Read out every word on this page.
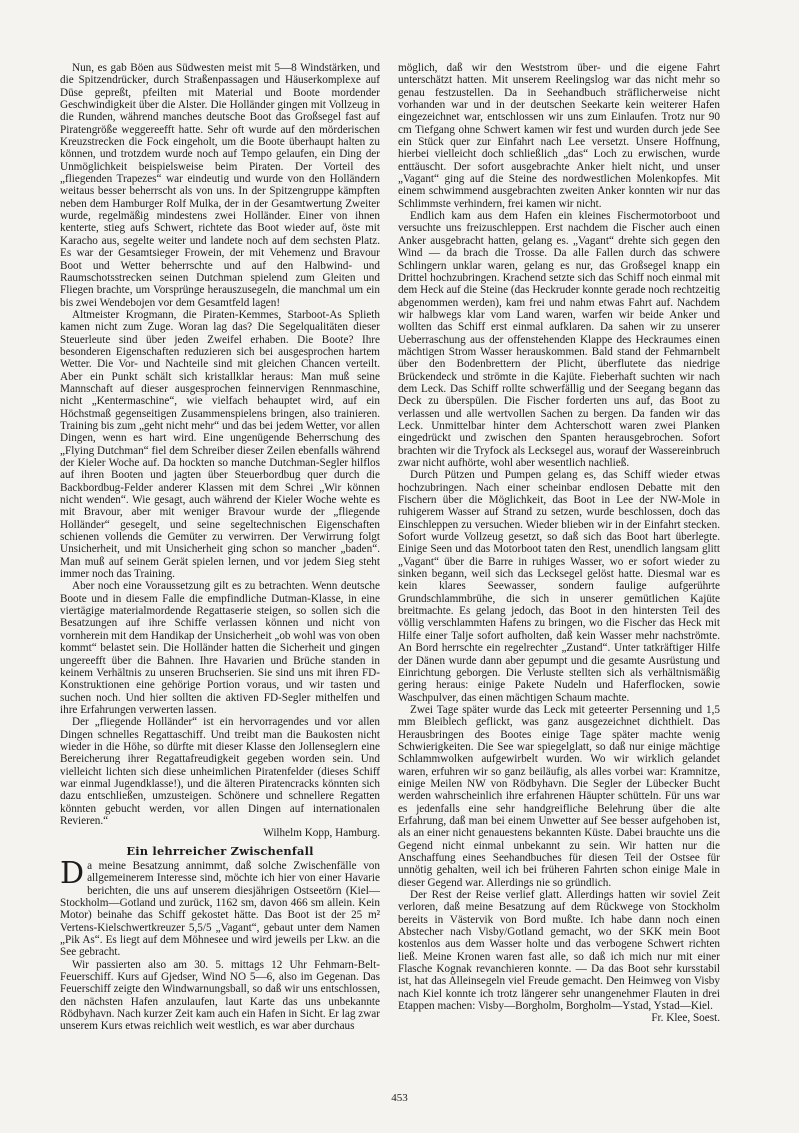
Nun, es gab Böen aus Südwesten meist mit 5—8 Windstärken, und die Spitzendrücker, durch Straßenpassagen und Häuserkomplexe auf Düse gepreßt, pfeilten mit Material und Boote mordender Geschwindigkeit über die Alster. Die Holländer gingen mit Vollzeug in die Runden, während manches deutsche Boot das Großsegel fast auf Piratengröße weggereefft hatte. Sehr oft wurde auf den mörderischen Kreuzstrecken die Fock eingeholt, um die Boote überhaupt halten zu können, und trotzdem wurde noch auf Tempo gelaufen, ein Ding der Unmöglichkeit beispielsweise beim Piraten. Der Vorteil des „fliegenden Trapezes“ war eindeutig und wurde von den Holländern weitaus besser beherrscht als von uns. In der Spitzengruppe kämpften neben dem Hamburger Rolf Mulka, der in der Gesamtwertung Zweiter wurde, regelmäßig mindestens zwei Holländer. Einer von ihnen kenterte, stieg aufs Schwert, richtete das Boot wieder auf, öste mit Karacho aus, segelte weiter und landete noch auf dem sechsten Platz. Es war der Gesamtsieger Frowein, der mit Vehemenz und Bravour Boot und Wetter beherrschte und auf den Halbwind- und Raumschotsstrecken seinen Dutchman spielend zum Gleiten und Fliegen brachte, um Vorsprünge herauszusegeln, die manchmal um ein bis zwei Wendebojen vor dem Gesamtfeld lagen!

Altmeister Krogmann, die Piraten-Kemmes, Starboot-As Splieth kamen nicht zum Zuge. Woran lag das? Die Segelqualitäten dieser Steuerleute sind über jeden Zweifel erhaben. Die Boote? Ihre besonderen Eigenschaften reduzieren sich bei ausgesprochen hartem Wetter. Die Vor- und Nachteile sind mit gleichen Chancen verteilt. Aber ein Punkt schält sich kristallklar heraus: Man muß seine Mannschaft auf dieser ausgesprochen feinnervigen Rennmaschine, nicht „Kentermaschine“, wie vielfach behauptet wird, auf ein Höchstmaß gegenseitigen Zusammenspielens bringen, also trainieren. Training bis zum „geht nicht mehr“ und das bei jedem Wetter, vor allen Dingen, wenn es hart wird. Eine ungenügende Beherrschung des „Flying Dutchman“ fiel dem Schreiber dieser Zeilen ebenfalls während der Kieler Woche auf. Da hockten so manche Dutchman-Segler hilflos auf ihren Booten und jagten über Steuerbordbug quer durch die Backbordbug-Felder anderer Klassen mit dem Schrei „Wir können nicht wenden“. Wie gesagt, auch während der Kieler Woche wehte es mit Bravour, aber mit weniger Bravour wurde der „fliegende Holländer“ gesegelt, und seine segeltechnischen Eigenschaften schienen vollends die Gemüter zu verwirren. Der Verwirrung folgt Unsicherheit, und mit Unsicherheit ging schon so mancher „baden“. Man muß auf seinem Gerät spielen lernen, und vor jedem Sieg steht immer noch das Training.

Aber noch eine Voraussetzung gilt es zu betrachten. Wenn deutsche Boote und in diesem Falle die empfindliche Dutman-Klasse, in eine viertägige materialmordende Regattaserie steigen, so sollen sich die Besatzungen auf ihre Schiffe verlassen können und nicht von vornherein mit dem Handikap der Unsicherheit „ob wohl was von oben kommt“ belastet sein. Die Holländer hatten die Sicherheit und gingen ungereefft über die Bahnen. Ihre Havarien und Brüche standen in keinem Verhältnis zu unseren Bruchserien. Sie sind uns mit ihren FD-Konstruktionen eine gehörige Portion voraus, und wir tasten und suchen noch. Und hier sollten die aktiven FD-Segler mithelfen und ihre Erfahrungen verwerten lassen.

Der „fliegende Holländer“ ist ein hervorragendes und vor allen Dingen schnelles Regattaschiff. Und treibt man die Baukosten nicht wieder in die Höhe, so dürfte mit dieser Klasse den Jollenseglern eine Bereicherung ihrer Regattafreudigkeit gegeben worden sein. Und vielleicht lichten sich diese unheimlichen Piratenfelder (dieses Schiff war einmal Jugendklasse!), und die älteren Piratencracks könnten sich dazu entschließen, umzusteigen. Schönere und schnellere Regatten könnten gebucht werden, vor allen Dingen auf internationalen Revieren.“
Wilhelm Kopp, Hamburg.

Ein lehrreicher Zwischenfall

Da meine Besatzung annimmt, daß solche Zwischenfälle von allgemeinerem Interesse sind, möchte ich hier von einer Havarie berichten, die uns auf unserem diesjährigen Ostseetörn (Kiel—Stockholm—Gotland und zurück, 1162 sm, davon 466 sm allein. Kein Motor) beinahe das Schiff gekostet hätte. Das Boot ist der 25 m² Vertens-Kielschwertkreuzer 5,5/5 „Vagant“, gebaut unter dem Namen „Pik As“. Es liegt auf dem Möhnesee und wird jeweils per Lkw. an die See gebracht.

Wir passierten also am 30. 5. mittags 12 Uhr Fehmarn-Belt-Feuerschiff. Kurs auf Gjedser, Wind NO 5—6, also im Gegenan. Das Feuerschiff zeigte den Windwarnungsball, so daß wir uns entschlossen, den nächsten Hafen anzulaufen, laut Karte das uns unbekannte Rödbyhavn. Nach kurzer Zeit kam auch ein Hafen in Sicht. Er lag zwar unserem Kurs etwas reichlich weit westlich, es war aber durchaus

möglich, daß wir den Weststrom über- und die eigene Fahrt unterschätzt hatten. Mit unserem Reelingslog war das nicht mehr so genau festzustellen. Da in Seehandbuch sträflicherweise nicht vorhanden war und in der deutschen Seekarte kein weiterer Hafen eingezeichnet war, entschlossen wir uns zum Einlaufen. Trotz nur 90 cm Tiefgang ohne Schwert kamen wir fest und wurden durch jede See ein Stück quer zur Einfahrt nach Lee versetzt. Unsere Hoffnung, hierbei vielleicht doch schließlich „das“ Loch zu erwischen, wurde enttäuscht. Der sofort ausgebrachte Anker hielt nicht, und unser „Vagant“ ging auf die Steine des nordwestlichen Molenkopfes. Mit einem schwimmend ausgebrachten zweiten Anker konnten wir nur das Schlimmste verhindern, frei kamen wir nicht.

Endlich kam aus dem Hafen ein kleines Fischermotorboot und versuchte uns freizuschleppen. Erst nachdem die Fischer auch einen Anker ausgebracht hatten, gelang es. „Vagant“ drehte sich gegen den Wind — da brach die Trosse. Da alle Fallen durch das schwere Schlingern unklar waren, gelang es nur, das Großsegel knapp ein Drittel hochzubringen. Krachend setzte sich das Schiff noch einmal mit dem Heck auf die Steine (das Heckruder konnte gerade noch rechtzeitig abgenommen werden), kam frei und nahm etwas Fahrt auf. Nachdem wir halbwegs klar vom Land waren, warfen wir beide Anker und wollten das Schiff erst einmal aufklaren. Da sahen wir zu unserer Ueberraschung aus der offenstehenden Klappe des Heckraumes einen mächtigen Strom Wasser herauskommen. Bald stand der Fehmarnbelt über den Bodenbrettern der Plicht, überflutete das niedrige Brückendeck und strömte in die Kajüte. Fieberhaft suchten wir nach dem Leck. Das Schiff rollte schwerfällig und der Seegang begann das Deck zu überspülen. Die Fischer forderten uns auf, das Boot zu verlassen und alle wertvollen Sachen zu bergen. Da fanden wir das Leck. Unmittelbar hinter dem Achterschott waren zwei Planken eingedrückt und zwischen den Spanten herausgebrochen. Sofort brachten wir die Tryfock als Lecksegel aus, worauf der Wassereinbruch zwar nicht aufhörte, wohl aber wesentlich nachließ.

Durch Pützen und Pumpen gelang es, das Schiff wieder etwas hochzubringen. Nach einer scheinbar endlosen Debatte mit den Fischern über die Möglichkeit, das Boot in Lee der NW-Mole in ruhigerem Wasser auf Strand zu setzen, wurde beschlossen, doch das Einschleppen zu versuchen. Wieder blieben wir in der Einfahrt stecken. Sofort wurde Vollzeug gesetzt, so daß sich das Boot hart überlegte. Einige Seen und das Motorboot taten den Rest, unendlich langsam glitt „Vagant“ über die Barre in ruhiges Wasser, wo er sofort wieder zu sinken begann, weil sich das Lecksegel gelöst hatte. Diesmal war es kein klares Seewasser, sondern faulige aufgerührte Grundschlammbrühe, die sich in unserer gemütlichen Kajüte breitmachte. Es gelang jedoch, das Boot in den hintersten Teil des völlig verschlammten Hafens zu bringen, wo die Fischer das Heck mit Hilfe einer Talje sofort aufholten, daß kein Wasser mehr nachströmte. An Bord herrschte ein regelrechter „Zustand“. Unter tatkräftiger Hilfe der Dänen wurde dann aber gepumpt und die gesamte Ausrüstung und Einrichtung geborgen. Die Verluste stellten sich als verhältnismäßig gering heraus: einige Pakete Nudeln und Haferflocken, sowie Waschpulver, das einen mächtigen Schaum machte.

Zwei Tage später wurde das Leck mit geteerter Persenning und 1,5 mm Bleiblech geflickt, was ganz ausgezeichnet dichthielt. Das Herausbringen des Bootes einige Tage später machte wenig Schwierigkeiten. Die See war spiegelglatt, so daß nur einige mächtige Schlammwolken aufgewirbelt wurden. Wo wir wirklich gelandet waren, erfuhren wir so ganz beiläufig, als alles vorbei war: Kramnitze, einige Meilen NW von Rödbyhavn. Die Segler der Lübecker Bucht werden wahrscheinlich ihre erfahrenen Häupter schütteln. Für uns war es jedenfalls eine sehr handgreifliche Belehrung über die alte Erfahrung, daß man bei einem Unwetter auf See besser aufgehoben ist, als an einer nicht genauestens bekannten Küste. Dabei brauchte uns die Gegend nicht einmal unbekannt zu sein. Wir hatten nur die Anschaffung eines Seehandbuches für diesen Teil der Ostsee für unnötig gehalten, weil ich bei früheren Fahrten schon einige Male in dieser Gegend war. Allerdings nie so gründlich.

Der Rest der Reise verlief glatt. Allerdings hatten wir soviel Zeit verloren, daß meine Besatzung auf dem Rückwege von Stockholm bereits in Västervik von Bord mußte. Ich habe dann noch einen Abstecher nach Visby/Gotland gemacht, wo der SKK mein Boot kostenlos aus dem Wasser holte und das verbogene Schwert richten ließ. Meine Kronen waren fast alle, so daß ich mich nur mit einer Flasche Kognak revanchieren konnte. — Da das Boot sehr kursstabil ist, hat das Alleinsegeln viel Freude gemacht. Den Heimweg von Visby nach Kiel konnte ich trotz längerer sehr unangenehmer Flauten in drei Etappen machen: Visby—Borgholm, Borgholm—Ystad, Ystad—Kiel.
Fr. Klee, Soest.

453
